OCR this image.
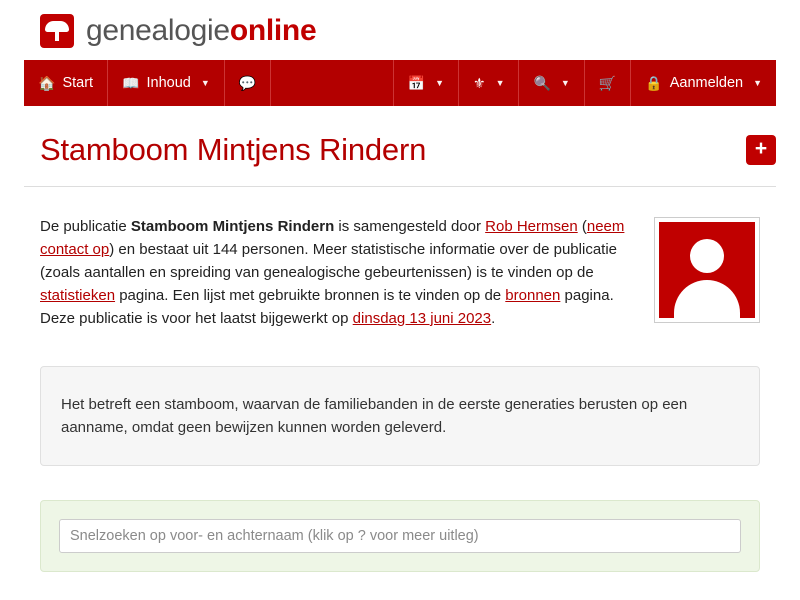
genealogieonline
🏠 Start 📖 Inhoud ▼ 💬	📅 ▼ ⚜ ▼ 🔍 ▼ 🛒 🔒 Aanmelden ▼
Stamboom Mintjens Rindern	+
De publicatie Stamboom Mintjens Rindern is samengesteld door Rob Hermsen (neem contact op) en bestaat uit 144 personen. Meer statistische informatie over de publicatie (zoals aantallen en spreiding van genealogische gebeurtenissen) is te vinden op de statistieken pagina. Een lijst met gebruikte bronnen is te vinden op de bronnen pagina. Deze publicatie is voor het laatst bijgewerkt op dinsdag 13 juni 2023.
Het betreft een stamboom, waarvan de familiebanden in de eerste generaties berusten op een aanname, omdat geen bewijzen kunnen worden geleverd.
Snelzoeken op voor- en achternaam (klik op ? voor meer uitleg)
